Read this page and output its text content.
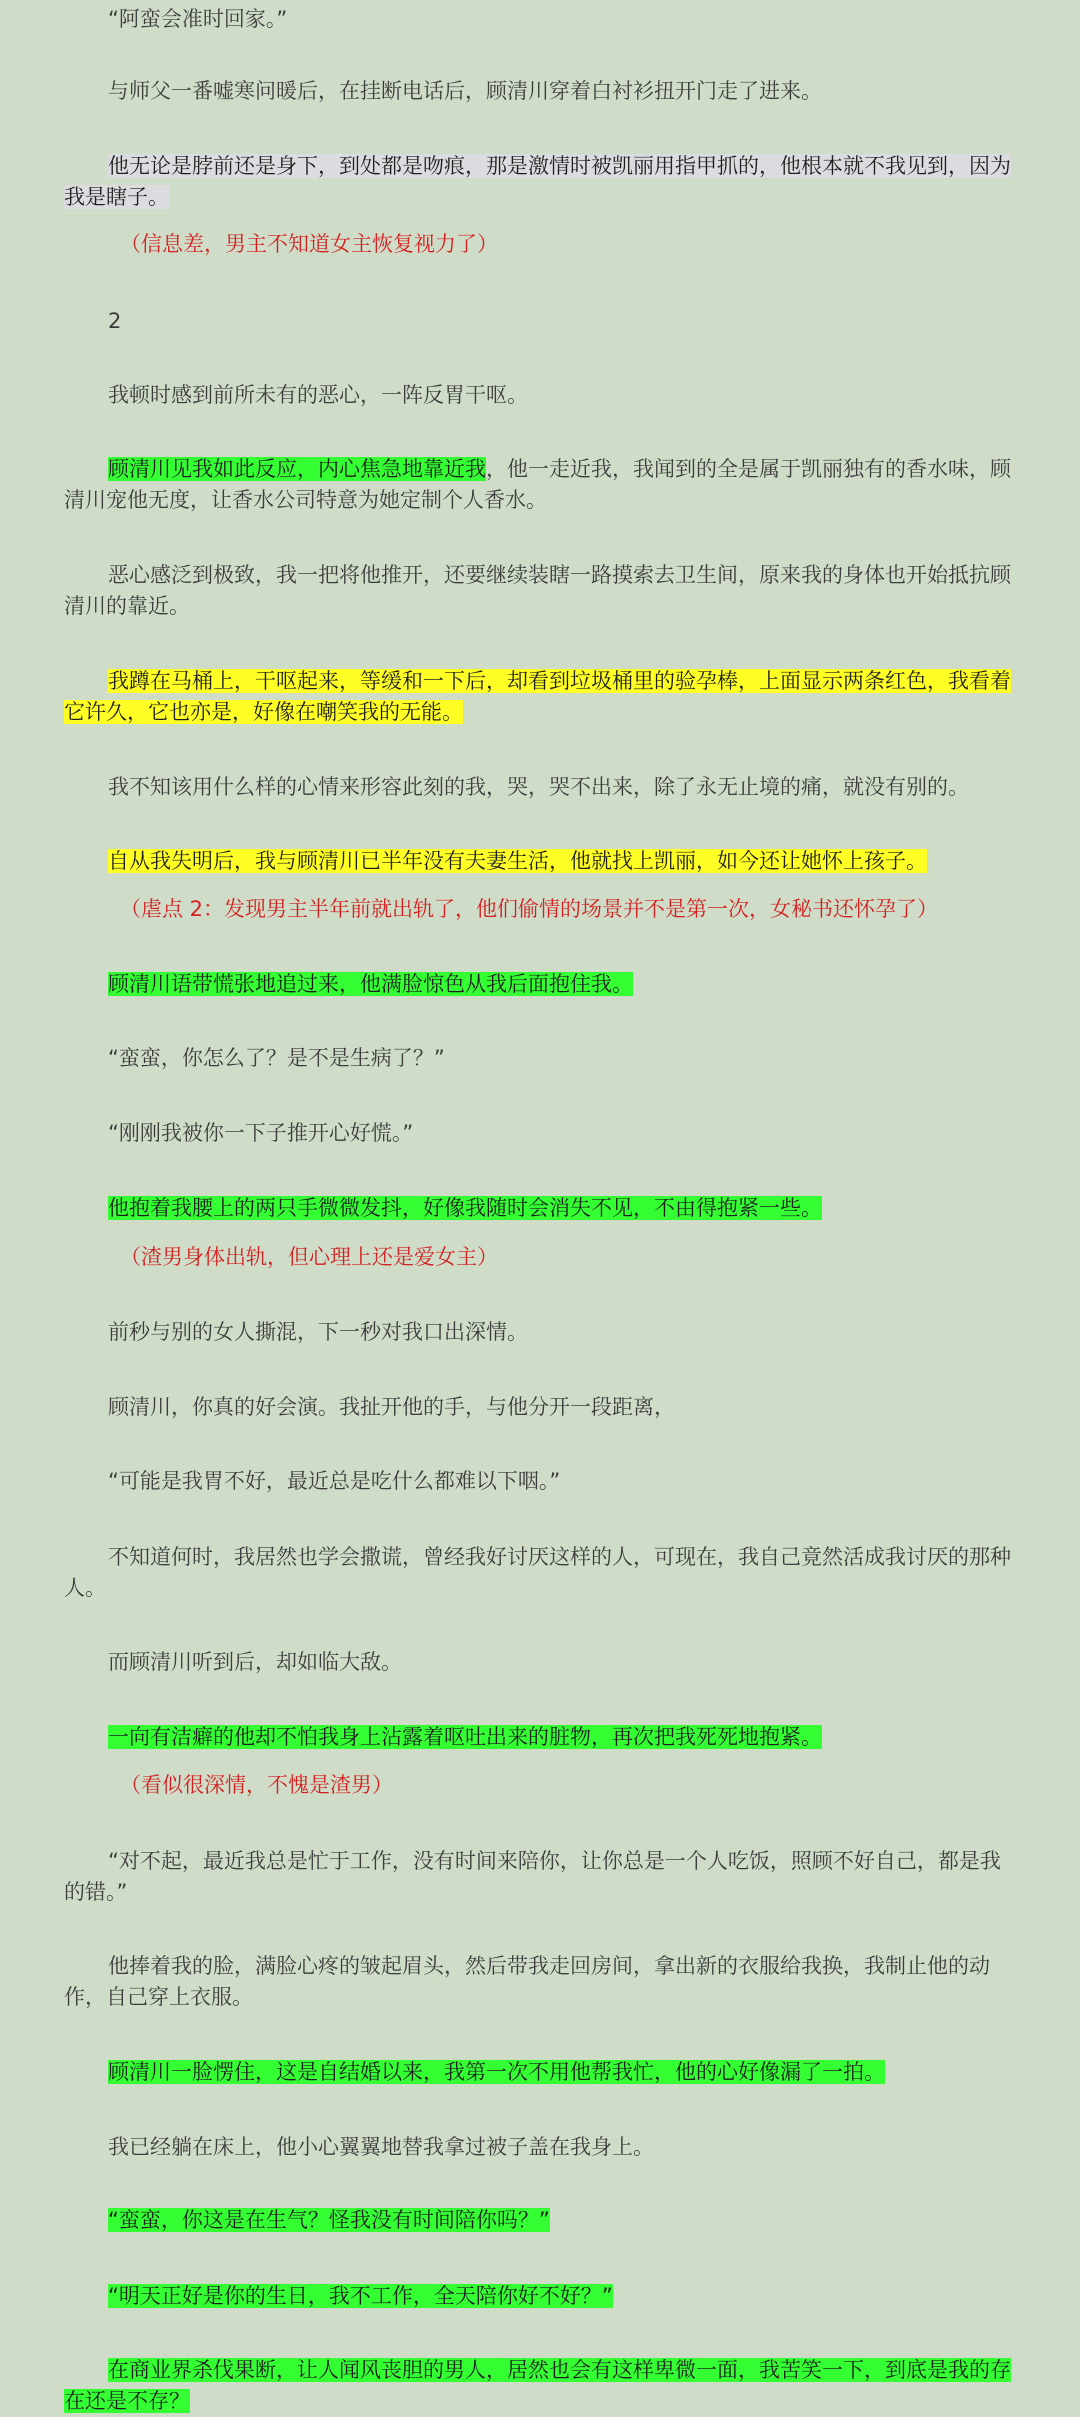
“阿蛮会准时回家。”

与师父一番嘘寒问暖后，在挂断电话后，顾清川穿着白衬衫扭开门走了进来。

他无论是脖前还是身下，到处都是吻痕，那是激情时被凯丽用指甲抓的，他根本就不我见到，因为我是瞎子。

（信息差，男主不知道女主恢复视力了）

2

我顿时感到前所未有的恶心，一阵反胃干呕。

顾清川见我如此反应，内心焦急地靠近我，他一走近我，我闻到的全是属于凯丽独有的香水味，顾清川宠他无度，让香水公司特意为她定制个人香水。

恶心感泛到极致，我一把将他推开，还要继续装瞎一路摸索去卫生间，原来我的身体也开始抵抗顾清川的靠近。

我蹲在马桶上，干呕起来，等缓和一下后，却看到垃圾桶里的验孕棒，上面显示两条红色，我看着它许久，它也亦是，好像在嘲笑我的无能。

我不知该用什么样的心情来形容此刻的我，哭，哭不出来，除了永无止境的痛，就没有别的。

自从我失明后，我与顾清川已半年没有夫妻生活，他就找上凯丽，如今还让她怀上孩子。

（虐点 2：发现男主半年前就出轨了，他们偷情的场景并不是第一次，女秘书还怀孕了）

顾清川语带慌张地追过来，他满脸惊色从我后面抱住我。

“蛮蛮，你怎么了？是不是生病了？”

“刚刚我被你一下子推开心好慌。”

他抱着我腰上的两只手微微发抖，好像我随时会消失不见，不由得抱紧一些。

（渣男身体出轨，但心理上还是爱女主）

前秒与别的女人撕混，下一秒对我口出深情。

顾清川，你真的好会演。我扯开他的手，与他分开一段距离，

“可能是我胃不好，最近总是吃什么都难以下咽。”

不知道何时，我居然也学会撒谎，曾经我好讨厌这样的人，可现在，我自己竟然活成我讨厌的那种人。

而顾清川听到后，却如临大敌。

一向有洁癖的他却不怕我身上沾露着呕吐出来的脏物，再次把我死死地抱紧。

（看似很深情，不愧是渣男）

“对不起，最近我总是忙于工作，没有时间来陪你，让你总是一个人吃饭，照顾不好自己，都是我的错。”

他捧着我的脸，满脸心疼的皱起眉头，然后带我走回房间，拿出新的衣服给我换，我制止他的动作，自己穿上衣服。

顾清川一脸愣住，这是自结婚以来，我第一次不用他帮我忙，他的心好像漏了一拍。

我已经躺在床上，他小心翼翼地替我拿过被子盖在我身上。

“蛮蛮，你这是在生气？怪我没有时间陪你吗？”

“明天正好是你的生日，我不工作，全天陪你好不好？”

在商业界杀伐果断，让人闻风丧胆的男人，居然也会有这样卑微一面，我苦笑一下，到底是我的存在还是不存？
